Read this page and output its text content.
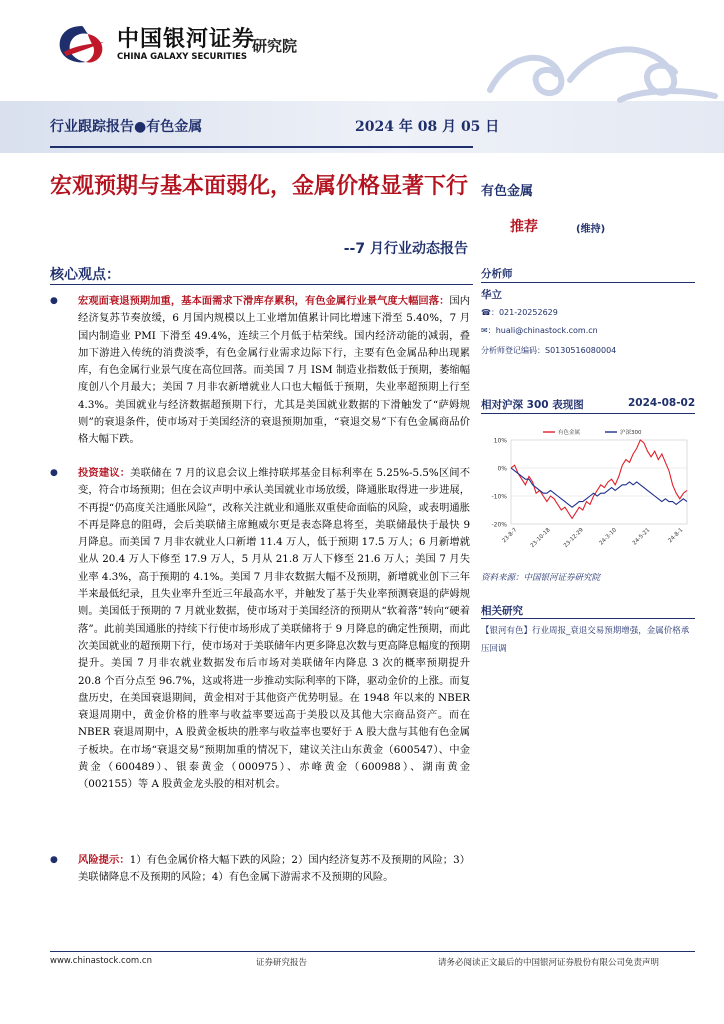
中国银河证券
CHINA GALAXY SECURITIES
研究院
行业跟踪报告●有色金属	2024 年 08 月 05 日
宏观预期与基本面弱化，金属价格显著下行
--7 月行业动态报告
核心观点：
● 宏观面衰退预期加重，基本面需求下滑库存累积，有色金属行业景气度大幅回落：国内经济复苏节奏放缓，6 月国内规模以上工业增加值累计同比增速下滑至 5.40%，7 月国内制造业 PMI 下滑至 49.4%，连续三个月低于枯荣线。国内经济动能的减弱，叠加下游进入传统的消费淡季，有色金属行业需求边际下行，主要有色金属品种出现累库，有色金属行业景气度在高位回落。而美国 7 月 ISM 制造业指数低于预期，萎缩幅度创八个月最大；美国 7 月非农新增就业人口也大幅低于预期，失业率超预期上行至 4.3%。美国就业与经济数据超预期下行，尤其是美国就业数据的下滑触发了“萨姆规则”的衰退条件，使市场对于美国经济的衰退预期加重，“衰退交易”下有色金属商品价格大幅下跌。
● 投资建议：美联储在 7 月的议息会议上维持联邦基金目标利率在 5.25%-5.5%区间不变，符合市场预期；但在会议声明中承认美国就业市场放缓，降通胀取得进一步进展，不再提“仍高度关注通胀风险”，改称关注就业和通胀双重使命面临的风险，或表明通胀不再是降息的阻碍，会后美联储主席鲍威尔更是表态降息将至，美联储最快于最快 9 月降息。而美国 7 月非农就业人口新增 11.4 万人，低于预期 17.5 万人；6 月新增就业从 20.4 万人下修至 17.9 万人，5 月从 21.8 万人下修至 21.6 万人；美国 7 月失业率 4.3%，高于预期的 4.1%。美国 7 月非农数据大幅不及预期，新增就业创下三年半来最低纪录，且失业率升至近三年最高水平，并触发了基于失业率预测衰退的萨姆规则。美国低于预期的 7 月就业数据，使市场对于美国经济的预期从“软着落”转向“硬着落”。此前美国通胀的持续下行使市场形成了美联储将于 9 月降息的确定性预期，而此次美国就业的超预期下行，使市场对于美联储年内更多降息次数与更高降息幅度的预期提升。美国 7 月非农就业数据发布后市场对美联储年内降息 3 次的概率预期提升 20.8 个百分点至 96.7%，这或将进一步推动实际利率的下降，驱动金价的上涨。而复盘历史，在美国衰退期间，黄金相对于其他资产优势明显。在 1948 年以来的 NBER 衰退周期中，黄金价格的胜率与收益率要远高于美股以及其他大宗商品资产。而在 NBER 衰退周期中，A 股黄金板块的胜率与收益率也要好于 A 股大盘与其他有色金属子板块。在市场“衰退交易”预期加重的情况下，建议关注山东黄金（600547）、中金黄金（600489）、银泰黄金（000975）、赤峰黄金（600988）、湖南黄金（002155）等 A 股黄金龙头股的相对机会。
● 风险提示：1）有色金属价格大幅下跌的风险；2）国内经济复苏不及预期的风险；3）美联储降息不及预期的风险；4）有色金属下游需求不及预期的风险。
有色金属
推荐	(维持)
分析师
华立
☎：021-20252629
✉：huali@chinastock.com.cn
分析师登记编码：S0130516080004
相对沪深 300 表现图	2024-08-02
10%
0%
-10%
-20%
23-8-7 23-10-18 23-12-29	24-3-10	24-5-21	24-8-1
有色金属	沪深300
资料来源：中国银河证券研究院
相关研究
【银河有色】行业周报_衰退交易预期增强，金属价格承压回调
www.chinastock.com.cn	证券研究报告	请务必阅读正文最后的中国银河证券股份有限公司免责声明
